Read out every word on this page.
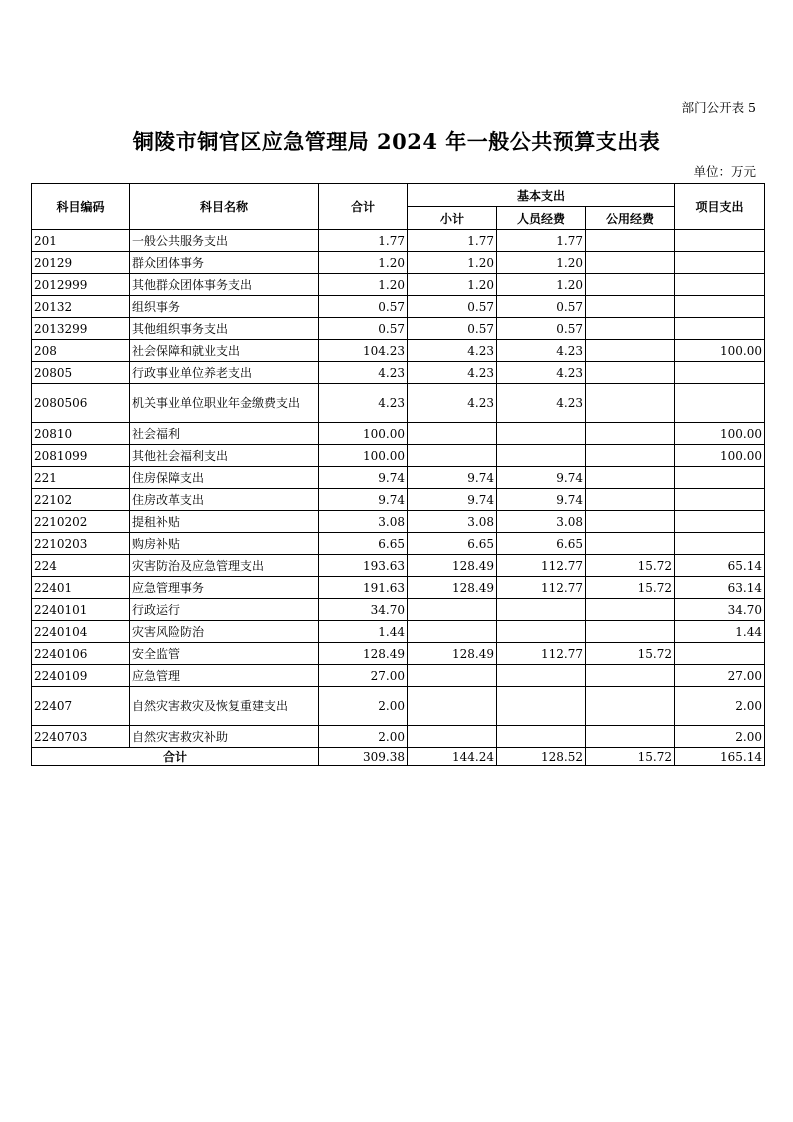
部门公开表 5
铜陵市铜官区应急管理局 2024 年一般公共预算支出表
单位：万元
科目编码	科目名称	合计	基本支出			项目支出
			小计	人员经费	公用经费	
201	一般公共服务支出	1.77	1.77	1.77		
20129	群众团体事务	1.20	1.20	1.20		
2012999	其他群众团体事务支出	1.20	1.20	1.20		
20132	组织事务	0.57	0.57	0.57		
2013299	其他组织事务支出	0.57	0.57	0.57		
208	社会保障和就业支出	104.23	4.23	4.23		100.00
20805	行政事业单位养老支出	4.23	4.23	4.23		
2080506	机关事业单位职业年金缴费支出	4.23	4.23	4.23		
20810	社会福利	100.00				100.00
2081099	其他社会福利支出	100.00				100.00
221	住房保障支出	9.74	9.74	9.74		
22102	住房改革支出	9.74	9.74	9.74		
2210202	提租补贴	3.08	3.08	3.08		
2210203	购房补贴	6.65	6.65	6.65		
224	灾害防治及应急管理支出	193.63	128.49	112.77	15.72	65.14
22401	应急管理事务	191.63	128.49	112.77	15.72	63.14
2240101	行政运行	34.70				34.70
2240104	灾害风险防治	1.44				1.44
2240106	安全监管	128.49	128.49	112.77	15.72	
2240109	应急管理	27.00				27.00
22407	自然灾害救灾及恢复重建支出	2.00				2.00
2240703	自然灾害救灾补助	2.00				2.00
合计		309.38	144.24	128.52	15.72	165.14
